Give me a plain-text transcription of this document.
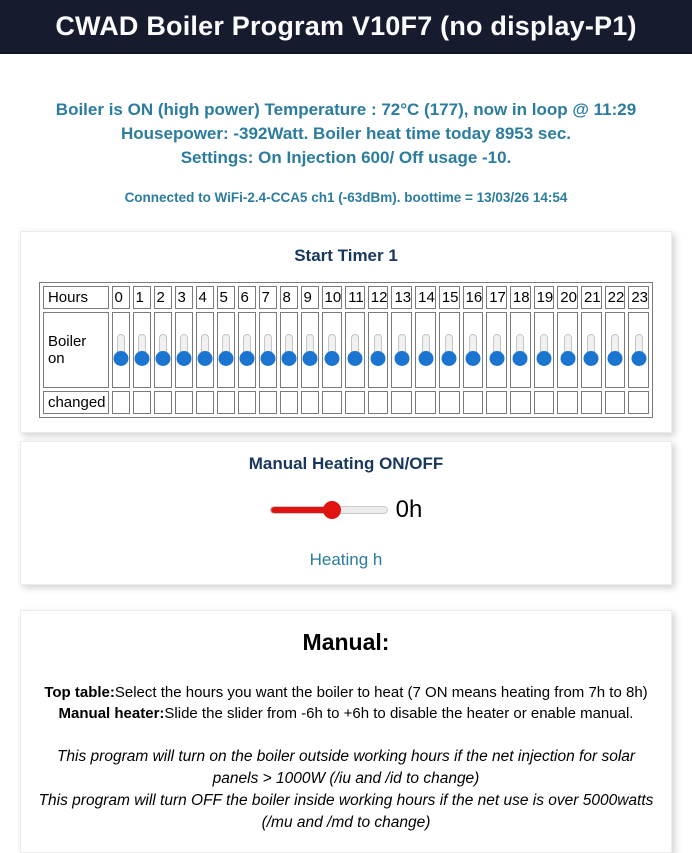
CWAD Boiler Program V10F7 (no display-P1)
Boiler is ON (high power) Temperature : 72°C (177), now in loop @ 11:29
Housepower: -392Watt. Boiler heat time today 8953 sec.
Settings: On Injection 600/ Off usage -10.
Connected to WiFi-2.4-CCA5 ch1 (-63dBm). boottime = 13/03/26 14:54
Start Timer 1
Hours	0	1	2	3	4	5	6	7	8	9	10	11	12	13	14	15	16	17	18	19	20	21	22	23
Boiler on	

changed																								
Manual Heating ON/OFF
0h
Heating h
Manual:
Top table:Select the hours you want the boiler to heat (7 ON means heating from 7h to 8h)
Manual heater:Slide the slider from -6h to +6h to disable the heater or enable manual.

This program will turn on the boiler outside working hours if the net injection for solar panels > 1000W (/iu and /id to change)

This program will turn OFF the boiler inside working hours if the net use is over 5000watts (/mu and /md to change)
